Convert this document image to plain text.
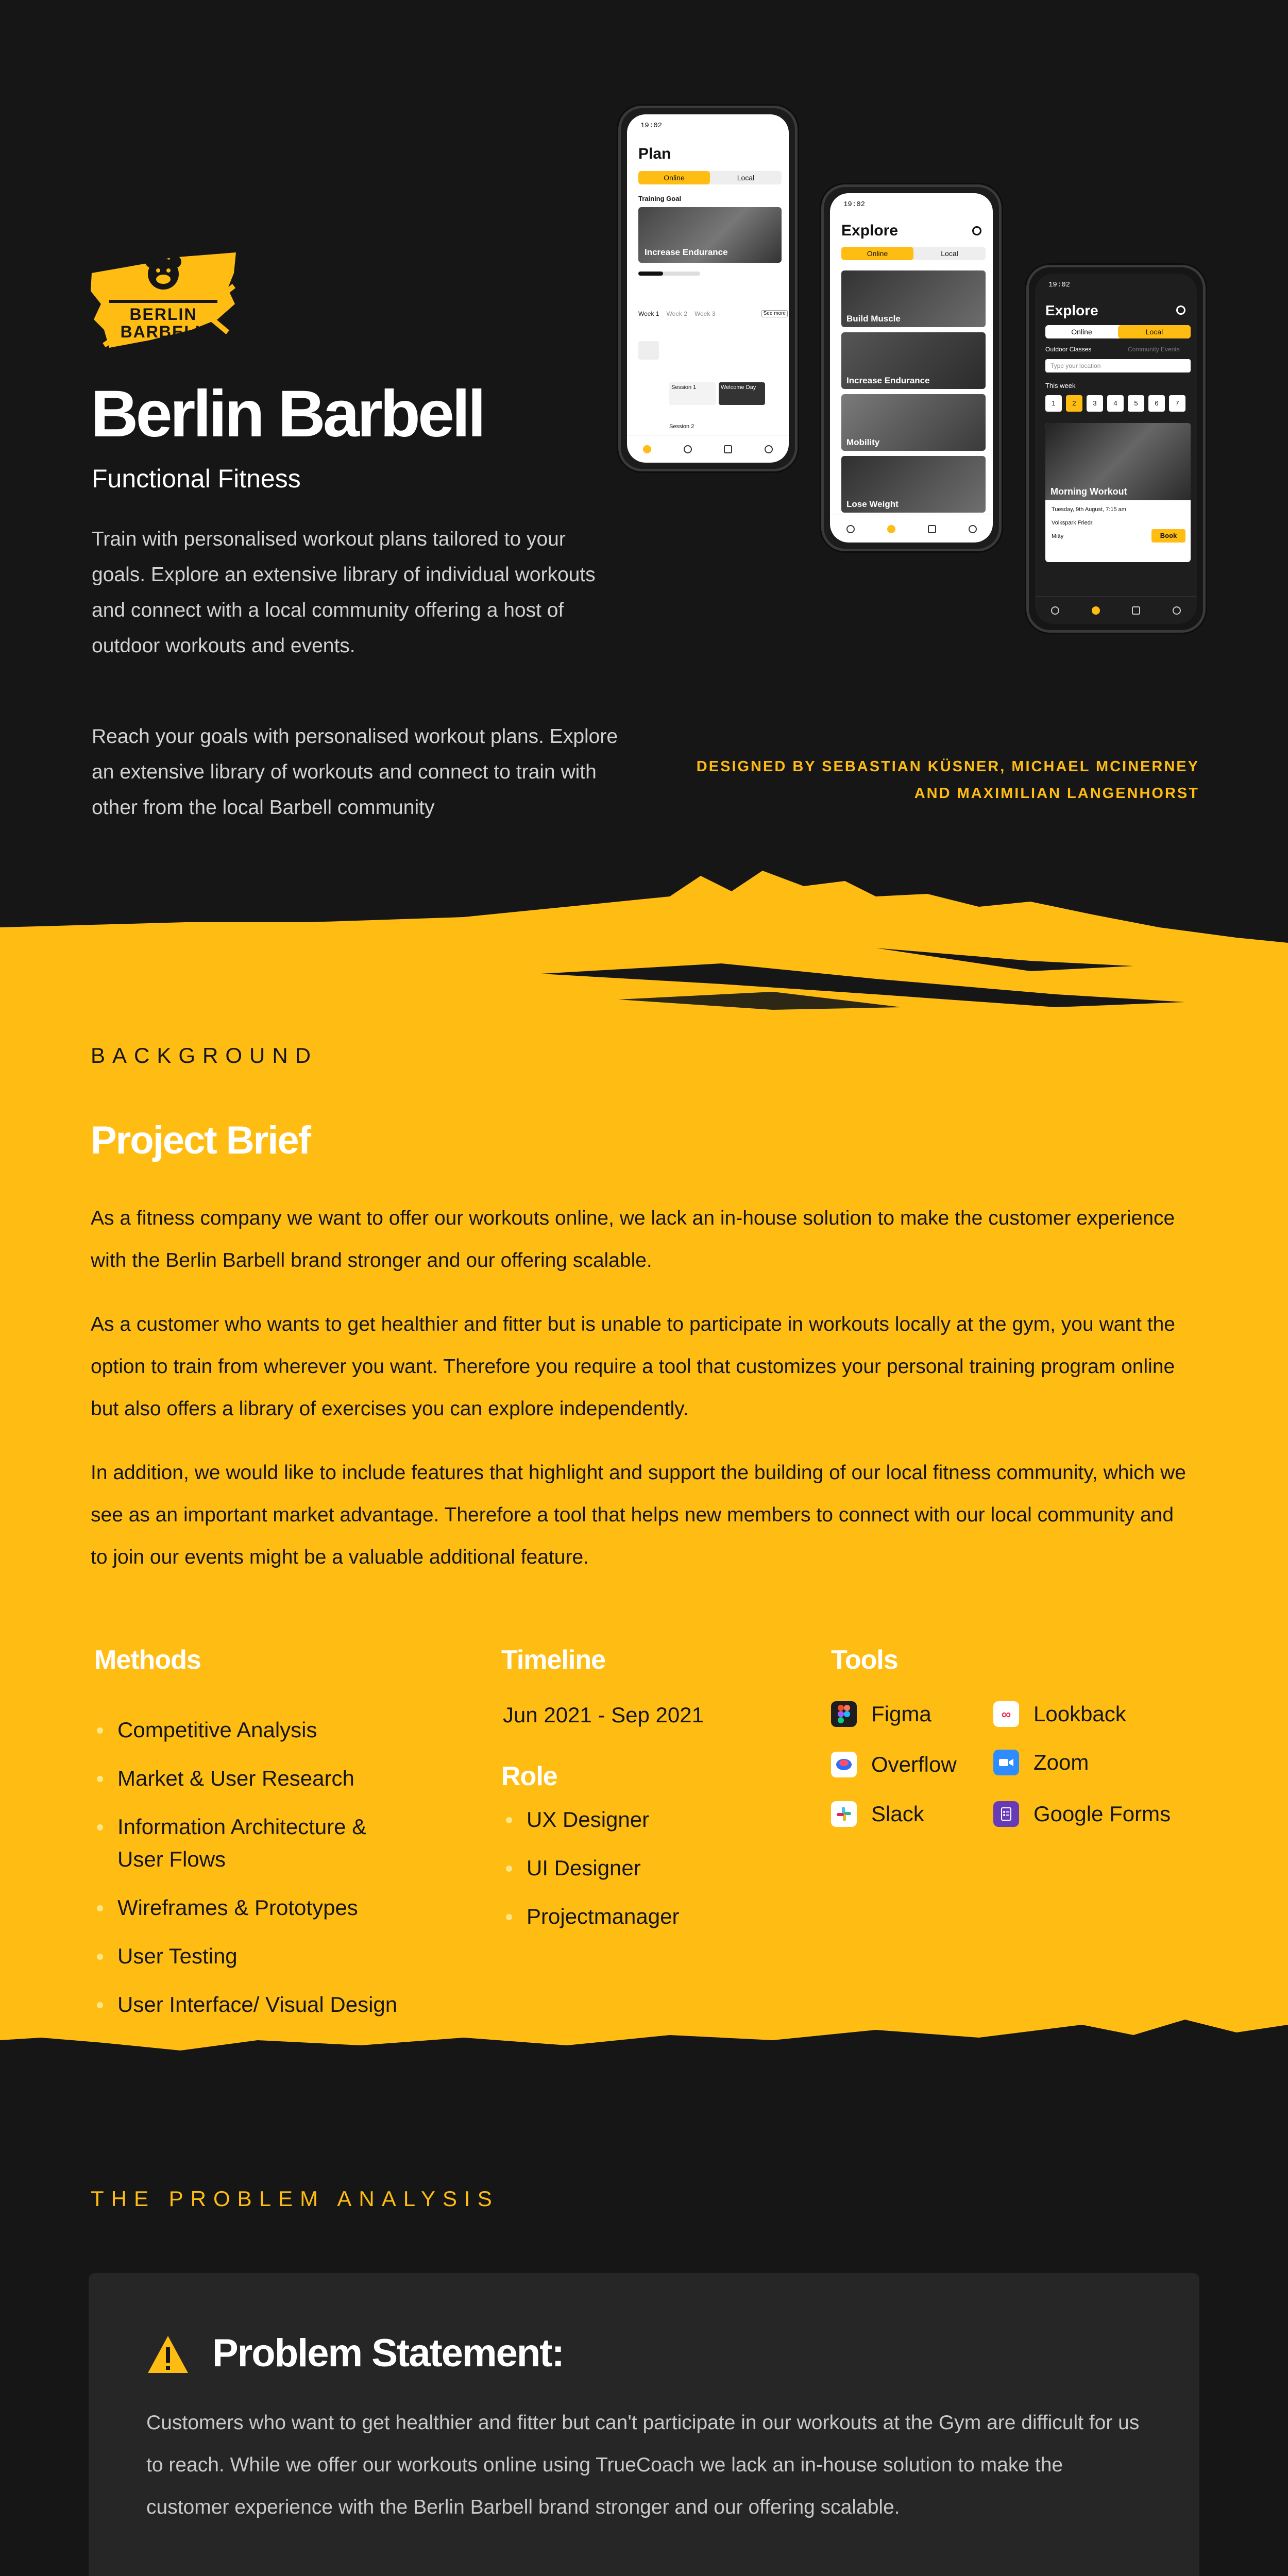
BERLIN
BARBELL
Berlin Barbell
Functional Fitness
Train with personalised workout plans tailored to your goals. Explore an extensive library of individual workouts and connect with a local community offering a host of outdoor workouts and events.
Reach your goals with personalised workout plans. Explore an extensive library of workouts and connect to train with other from the local Barbell community
DESIGNED BY SEBASTIAN KÜSNER, MICHAEL MCINERNEY
AND MAXIMILIAN LANGENHORST
19:02
Plan
Online	Local
Training Goal
Increase Endurance
Week 1 Week 2 Week 3	See more
Session 1	Welcome Day
Session 2
19:02
Explore
Online	Local
Build Muscle
Increase Endurance
Mobility
Lose Weight
19:02
Explore
Online	Local
Outdoor Classes	Community Events
Type your location
This week
1	2	3	4	5	6	7
Morning Workout
Tuesday, 9th August, 7:15 am
Volkspark Friedr.
Mitty	Book
BACKGROUND
Project Brief
As a fitness company we want to offer our workouts online, we lack an in-house solution to make the customer experience with the Berlin Barbell brand stronger and our offering scalable.
As a customer who wants to get healthier and fitter but is unable to participate in workouts locally at the gym, you want the option to train from wherever you want. Therefore you require a tool that customizes your personal training program online but also offers a library of exercises you can explore independently.
In addition, we would like to include features that highlight and support the building of our local fitness community, which we see as an important market advantage. Therefore a tool that helps new members to connect with our local community and to join our events might be a valuable additional feature.
Methods
Competitive Analysis
Market & User Research
Information Architecture & User Flows
Wireframes & Prototypes
User Testing
User Interface/ Visual Design
Timeline
Jun 2021 - Sep 2021
Role
UX Designer
UI Designer
Projectmanager
Tools
Figma	∞	Lookback
Overflow	Zoom
Slack	Google Forms
THE PROBLEM ANALYSIS
Problem Statement:
Customers who want to get healthier and fitter but can't participate in our workouts at the Gym are difficult for us to reach. While we offer our workouts online using TrueCoach we lack an in-house solution to make the customer experience with the Berlin Barbell brand stronger and our offering scalable.
